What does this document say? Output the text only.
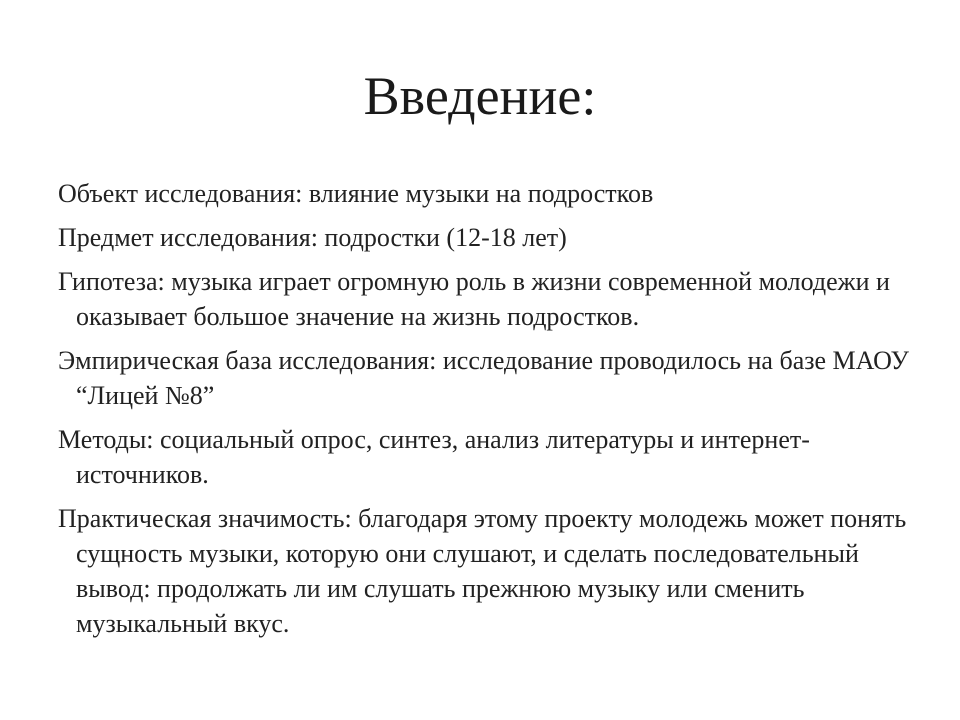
Введение:
Объект исследования: влияние музыки на подростков
Предмет исследования: подростки (12-18 лет)
Гипотеза: музыка играет огромную роль в жизни современной молодежи и оказывает большое значение на жизнь подростков.
Эмпирическая база исследования: исследование проводилось на базе МАОУ “Лицей №8”
Методы: социальный опрос, синтез, анализ литературы и интернет-источников.
Практическая значимость: благодаря этому проекту молодежь может понять сущность музыки, которую они слушают, и сделать последовательный вывод: продолжать ли им слушать прежнюю музыку или сменить музыкальный вкус.
